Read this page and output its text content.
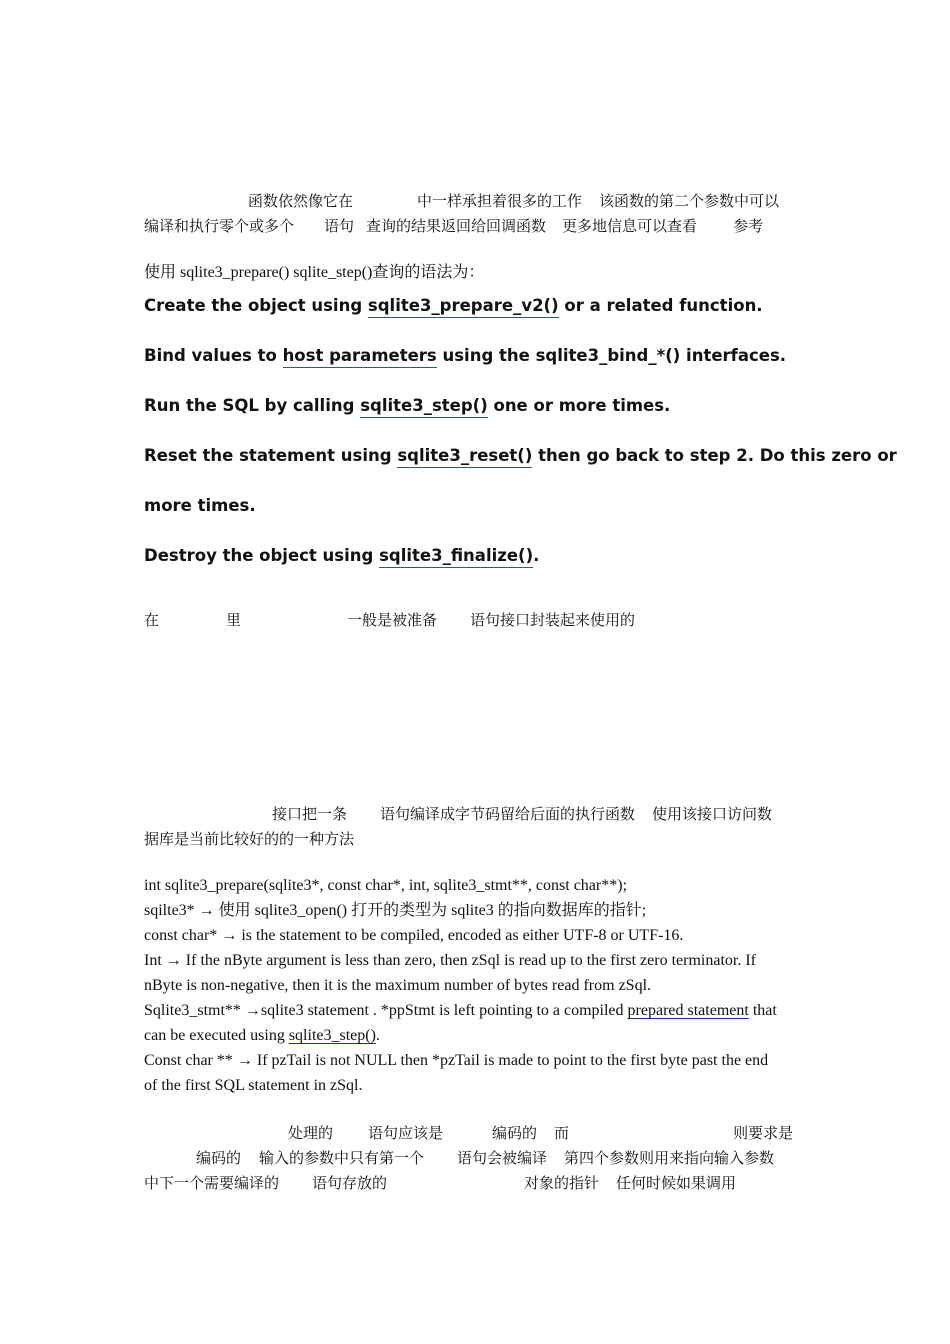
函数依然像它在	中一样承担着很多的工作 该函数的第二个参数中可以
编译和执行零个或多个 语句 查询的结果返回给回调函数 更多地信息可以查看 参考
使用 sqlite3_prepare() sqlite_step()查询的语法为：
Create the object using sqlite3_prepare_v2() or a related function.
Bind values to host parameters using the sqlite3_bind_*() interfaces.
Run the SQL by calling sqlite3_step() one or more times.
Reset the statement using sqlite3_reset() then go back to step 2. Do this zero or
more times.
Destroy the object using sqlite3_finalize().
在	里	一般是被准备 语句接口封装起来使用的
接口把一条 语句编译成字节码留给后面的执行函数 使用该接口访问数
据库是当前比较好的的一种方法
int sqlite3_prepare(sqlite3*, const char*, int, sqlite3_stmt**, const char**);
sqilte3* → 使用 sqlite3_open() 打开的类型为 sqlite3 的指向数据库的指针;
const char* → is the statement to be compiled, encoded as either UTF-8 or UTF-16.
Int → If the nByte argument is less than zero, then zSql is read up to the first zero terminator. If
nByte is non-negative, then it is the maximum number of bytes read from zSql.
Sqlite3_stmt** →sqlite3 statement . *ppStmt is left pointing to a compiled prepared statement that
can be executed using sqlite3_step().
Const char ** → If pzTail is not NULL then *pzTail is made to point to the first byte past the end
of the first SQL statement in zSql.
处理的 语句应该是	编码的 而	则要求是
编码的 输入的参数中只有第一个 语句会被编译 第四个参数则用来指向输入参数
中下一个需要编译的 语句存放的	对象的指针 任何时候如果调用
